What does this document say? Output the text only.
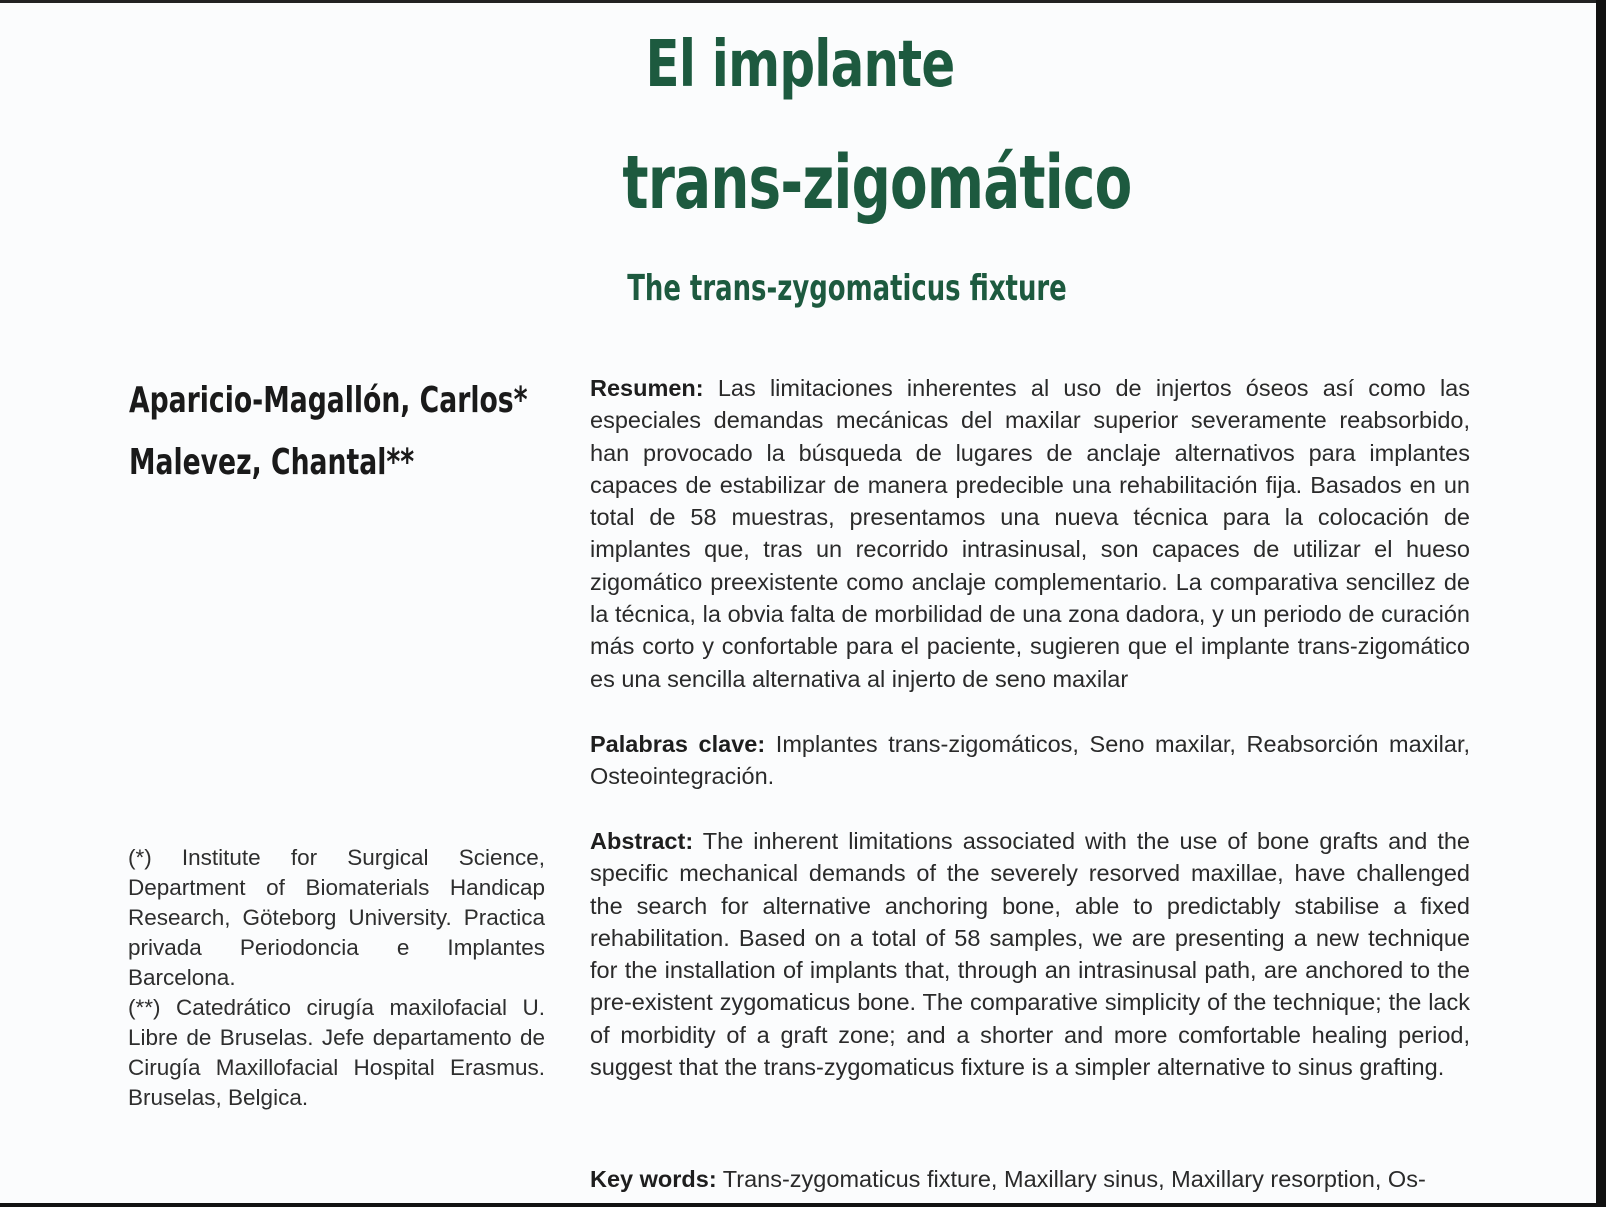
El implante
trans-zigomático
The trans-zygomaticus fixture
Aparicio-Magallón, Carlos*
Malevez, Chantal**

(*) Institute for Surgical Science, Department of Biomaterials Handicap Research, Göteborg University. Practica privada Periodoncia e Implantes Barcelona.

(**) Catedrático cirugía maxilofacial U. Libre de Bruselas. Jefe departamento de Cirugía Maxillofacial Hospital Erasmus. Bruselas, Belgica.

Resumen: Las limitaciones inherentes al uso de injertos óseos así como las especiales demandas mecánicas del maxilar superior severamente reabsorbido, han provocado la búsqueda de lugares de anclaje alternativos para implantes capaces de estabilizar de manera predecible una rehabilitación fija. Basados en un total de 58 muestras, presentamos una nueva técnica para la colocación de implantes que, tras un recorrido intrasinusal, son capaces de utilizar el hueso zigomático preexistente como anclaje complementario. La comparativa sencillez de la técnica, la obvia falta de morbilidad de una zona dadora, y un periodo de curación más corto y confortable para el paciente, sugieren que el implante trans-zigomático es una sencilla alternativa al injerto de seno maxilar

Palabras clave: Implantes trans-zigomáticos, Seno maxilar, Reabsorción maxilar, Osteointegración.

Abstract: The inherent limitations associated with the use of bone grafts and the specific mechanical demands of the severely resorved maxillae, have challenged the search for alternative anchoring bone, able to predictably stabilise a fixed rehabilitation. Based on a total of 58 samples, we are presenting a new technique for the installation of implants that, through an intrasinusal path, are anchored to the pre-existent zygomaticus bone. The comparative simplicity of the technique; the lack of morbidity of a graft zone; and a shorter and more comfortable healing period, suggest that the trans-zygomaticus fixture is a simpler alternative to sinus grafting.

Key words: Trans-zygomaticus fixture, Maxillary sinus, Maxillary resorption, Os-
